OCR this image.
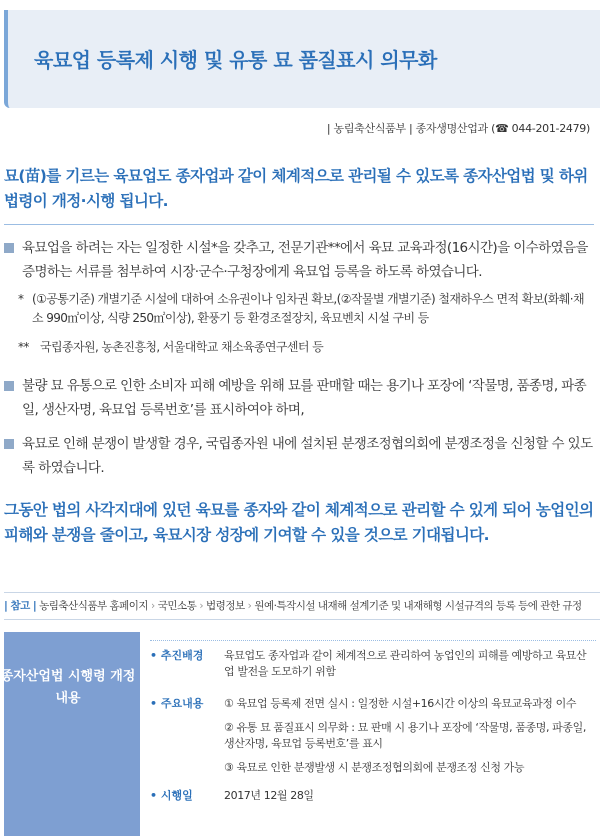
육묘업 등록제 시행 및 유통 묘 품질표시 의무화
| 농림축산식품부 | 종자생명산업과 (☎ 044-201-2479)
묘(苗)를 기르는 육묘업도 종자업과 같이 체계적으로 관리될 수 있도록 종자산업법 및 하위 법령이 개정·시행 됩니다.
육묘업을 하려는 자는 일정한 시설*을 갖추고, 전문기관**에서 육묘 교육과정(16시간)을 이수하였음을 증명하는 서류를 첨부하여 시장·군수·구청장에게 육묘업 등록을 하도록 하였습니다.
* (①공통기준) 개별기준 시설에 대하여 소유권이나 임차권 확보,(②작물별 개별기준) 철재하우스 면적 확보(화훼·채소 990㎡이상, 식량 250㎡이상), 환풍기 등 환경조절장치, 육묘벤치 시설 구비 등
** 국립종자원, 농촌진흥청, 서울대학교 채소육종연구센터 등
불량 묘 유통으로 인한 소비자 피해 예방을 위해 묘를 판매할 때는 용기나 포장에 ‘작물명, 품종명, 파종일, 생산자명, 육묘업 등록번호’를 표시하여야 하며,
육묘로 인해 분쟁이 발생할 경우, 국립종자원 내에 설치된 분쟁조정협의회에 분쟁조정을 신청할 수 있도록 하였습니다.
그동안 법의 사각지대에 있던 육묘를 종자와 같이 체계적으로 관리할 수 있게 되어 농업인의 피해와 분쟁을 줄이고, 육묘시장 성장에 기여할 수 있을 것으로 기대됩니다.
| 참고 | 농림축산식품부 홈페이지 › 국민소통 › 법령정보 › 원예·특작시설 내재해 설계기준 및 내재해형 시설규격의 등록 등에 관한 규정
종자산업법 시행령 개정 내용
• 추진배경	육묘업도 종자업과 같이 체계적으로 관리하여 농업인의 피해를 예방하고 육묘산업 발전을 도모하기 위함
• 주요내용	① 육묘업 등록제 전면 실시 : 일정한 시설+16시간 이상의 육묘교육과정 이수
② 유통 묘 품질표시 의무화 : 묘 판매 시 용기나 포장에 ‘작물명, 품종명, 파종일, 생산자명, 육묘업 등록번호’를 표시
③ 육묘로 인한 분쟁발생 시 분쟁조정협의회에 분쟁조정 신청 가능
• 시행일	2017년 12월 28일
